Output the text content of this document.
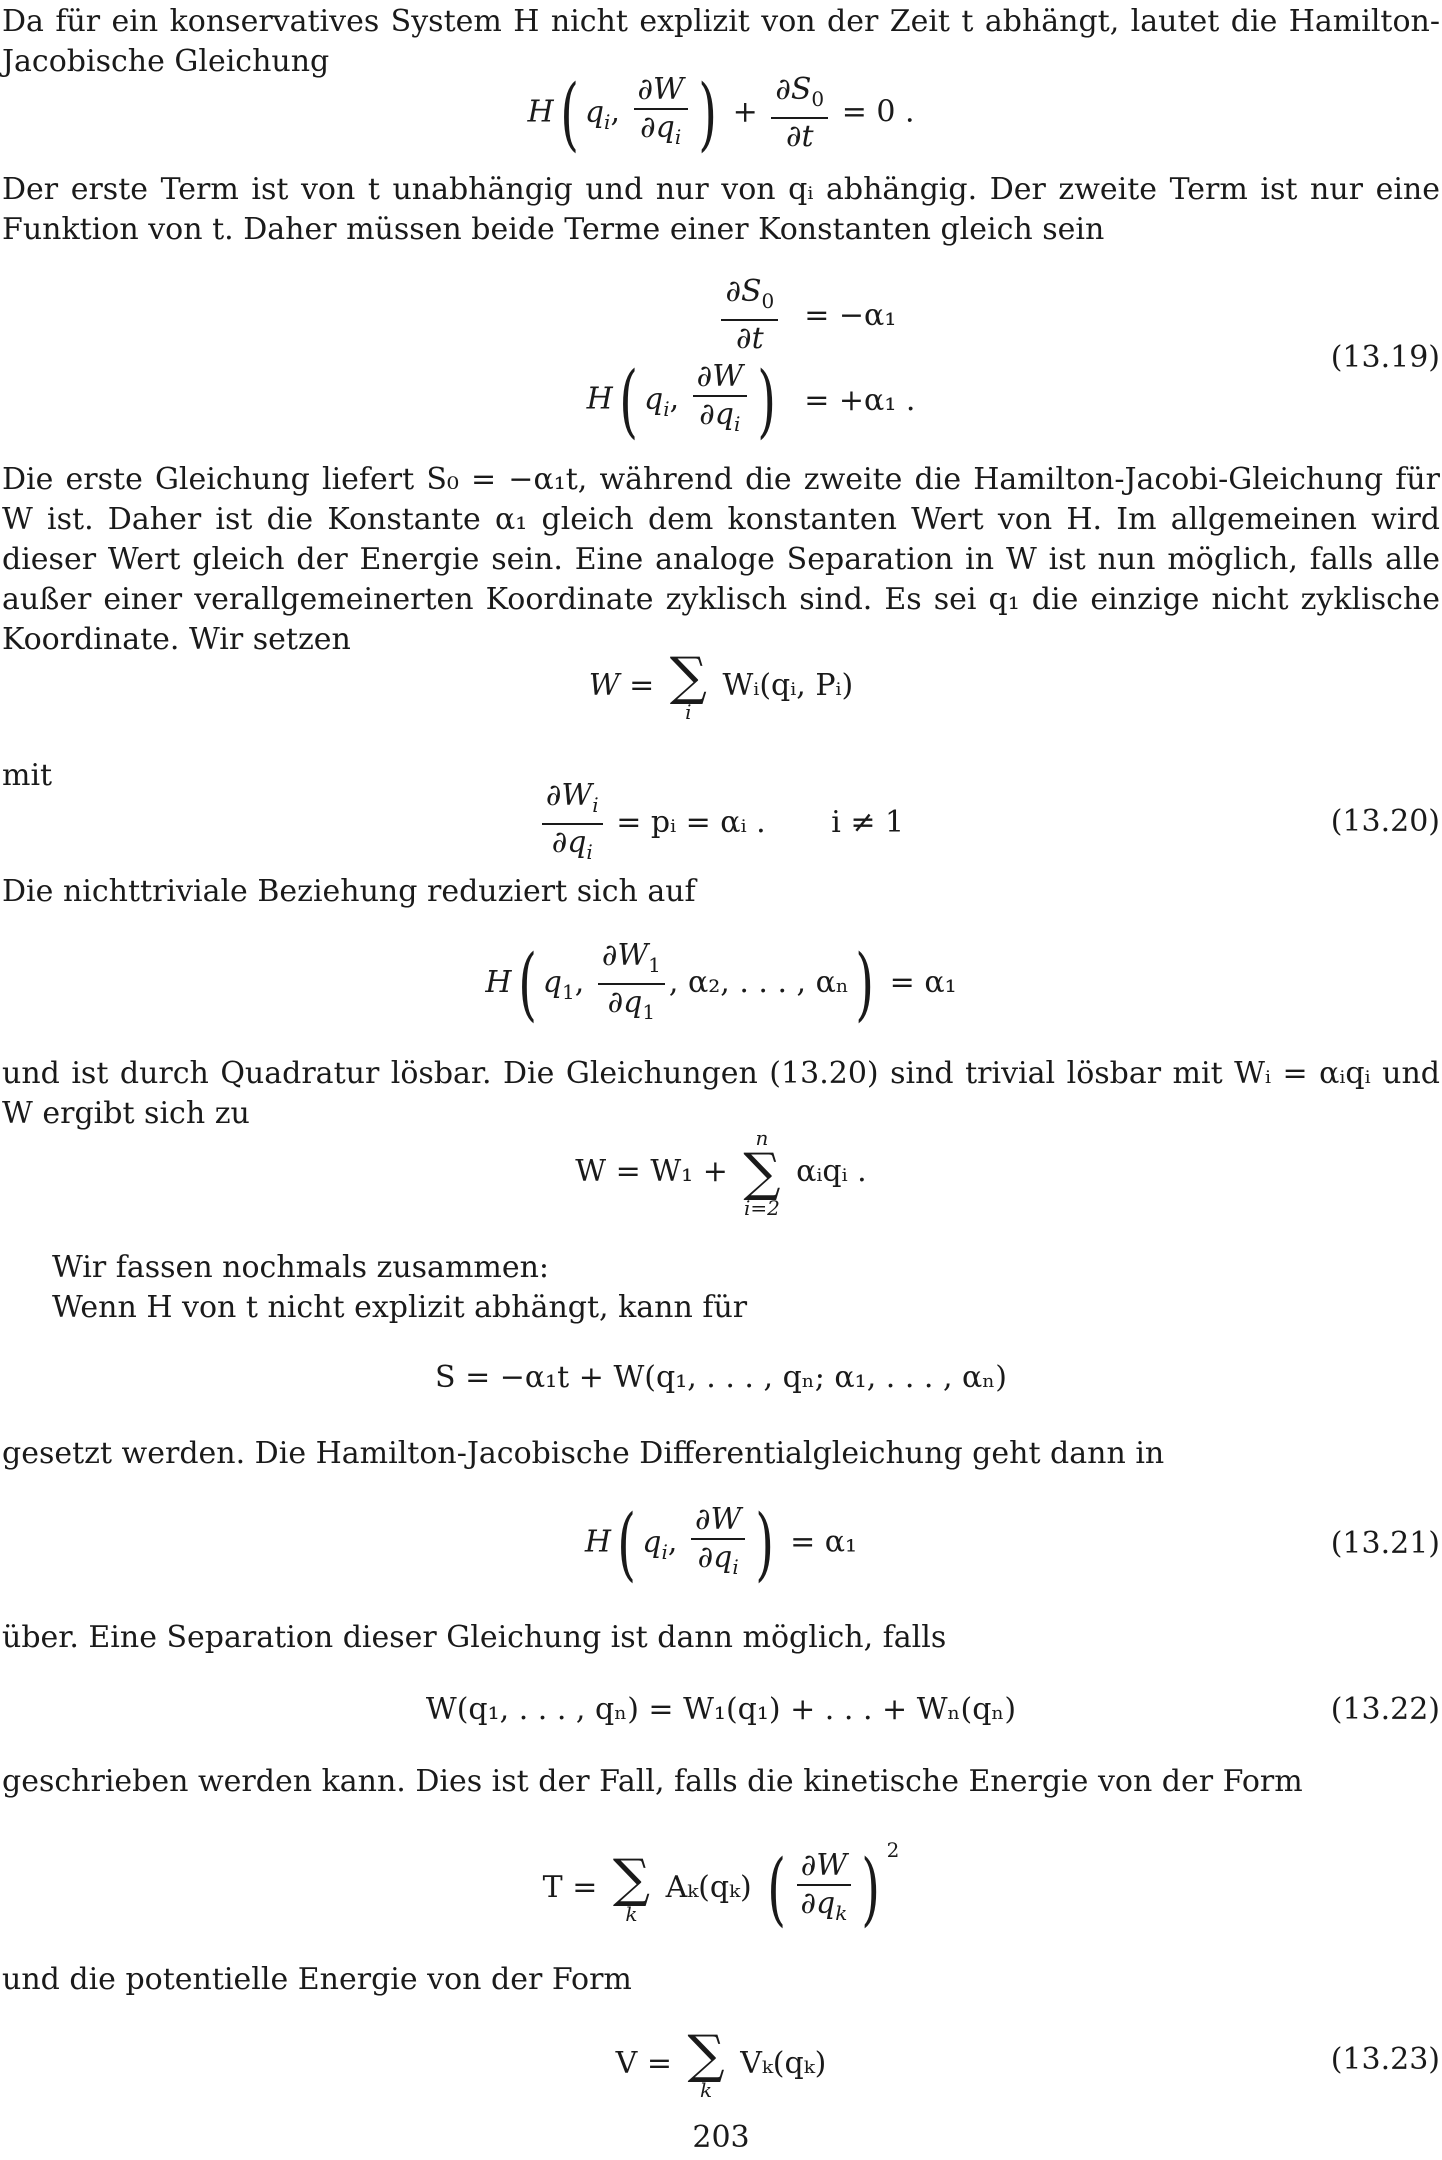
Da für ein konservatives System H nicht explizit von der Zeit t abhängt, lautet die Hamilton-Jacobische Gleichung
H( $q_i$, $\frac{\partial W}{\partial q_i}$ ) + $\frac{\partial S_0}{\partial t} = 0$ .
Der erste Term ist von t unabhängig und nur von qᵢ abhängig. Der zweite Term ist nur eine Funktion von t. Daher müssen beide Terme einer Konstanten gleich sein
$\frac{\partial S_0}{\partial t}$	= −α₁
H( $q_i$, $\frac{\partial W}{\partial q_i}$ )	= +α₁ .
(13.19)
Die erste Gleichung liefert S₀ = −α₁t, während die zweite die Hamilton-Jacobi-Gleichung für W ist. Daher ist die Konstante α₁ gleich dem konstanten Wert von H. Im allgemeinen wird dieser Wert gleich der Energie sein. Eine analoge Separation in W ist nun möglich, falls alle außer einer verallgemeinerten Koordinate zyklisch sind. Es sei q₁ die einzige nicht zyklische Koordinate. Wir setzen
W = ∑
i
Wᵢ(qᵢ, Pᵢ)
mit
$\frac{\partial W_i}{\partial q_i}$ = pᵢ = αᵢ . i ≠ 1	(13.20)
Die nichttriviale Beziehung reduziert sich auf
H( $q_1$, $\frac{\partial W_1}{\partial q_1}$ , α₂, . . . , αₙ) = α₁
und ist durch Quadratur lösbar. Die Gleichungen (13.20) sind trivial lösbar mit Wᵢ = αᵢqᵢ und W ergibt sich zu
W = W₁ +
n
∑
i=2
αᵢqᵢ .
Wir fassen nochmals zusammen:
Wenn H von t nicht explizit abhängt, kann für
S = −α₁t + W(q₁, . . . , qₙ; α₁, . . . , αₙ)
gesetzt werden. Die Hamilton-Jacobische Differentialgleichung geht dann in
H( $q_i$, $\frac{\partial W}{\partial q_i}$ ) = α₁	(13.21)
über. Eine Separation dieser Gleichung ist dann möglich, falls
W(q₁, . . . , qₙ) = W₁(q₁) + . . . + Wₙ(qₙ)	(13.22)
geschrieben werden kann. Dies ist der Fall, falls die kinetische Energie von der Form
T = ∑
k
Aₖ(qₖ) ( $\frac{\partial W}{\partial q_k}$ ) $^2$
und die potentielle Energie von der Form
V = ∑
k
Vₖ(qₖ)	(13.23)
203
